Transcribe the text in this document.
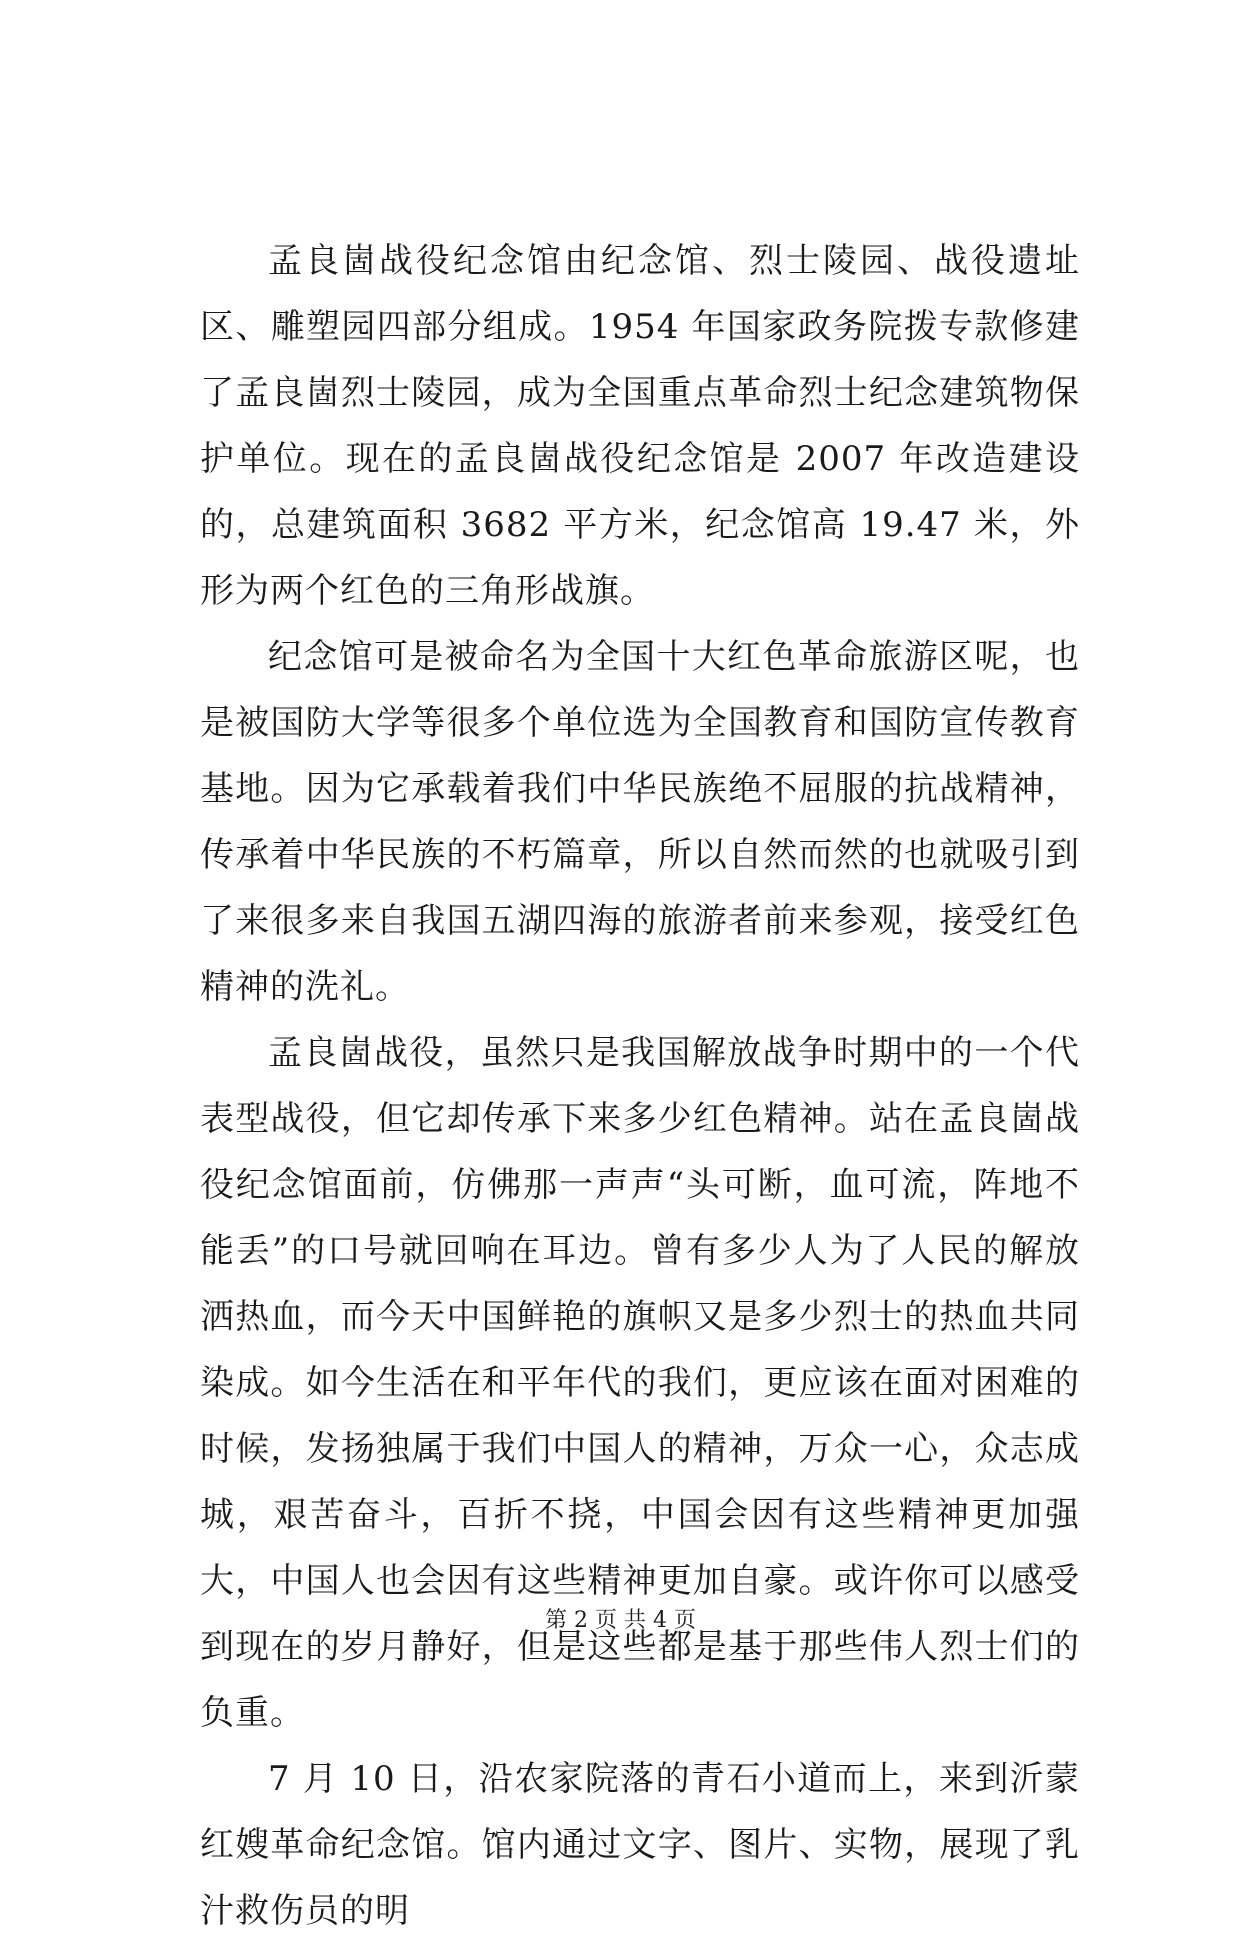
孟良崮战役纪念馆由纪念馆、烈士陵园、战役遗址区、雕塑园四部分组成。1954 年国家政务院拨专款修建了孟良崮烈士陵园，成为全国重点革命烈士纪念建筑物保护单位。现在的孟良崮战役纪念馆是 2007 年改造建设的，总建筑面积 3682 平方米，纪念馆高 19.47 米，外形为两个红色的三角形战旗。

纪念馆可是被命名为全国十大红色革命旅游区呢，也是被国防大学等很多个单位选为全国教育和国防宣传教育基地。因为它承载着我们中华民族绝不屈服的抗战精神，传承着中华民族的不朽篇章，所以自然而然的也就吸引到了来很多来自我国五湖四海的旅游者前来参观，接受红色精神的洗礼。

孟良崮战役，虽然只是我国解放战争时期中的一个代表型战役，但它却传承下来多少红色精神。站在孟良崮战役纪念馆面前，仿佛那一声声“头可断，血可流，阵地不能丢”的口号就回响在耳边。曾有多少人为了人民的解放洒热血，而今天中国鲜艳的旗帜又是多少烈士的热血共同染成。如今生活在和平年代的我们，更应该在面对困难的时候，发扬独属于我们中国人的精神，万众一心，众志成城，艰苦奋斗，百折不挠，中国会因有这些精神更加强大，中国人也会因有这些精神更加自豪。或许你可以感受到现在的岁月静好，但是这些都是基于那些伟人烈士们的负重。

7 月 10 日，沿农家院落的青石小道而上，来到沂蒙红嫂革命纪念馆。馆内通过文字、图片、实物，展现了乳汁救伤员的明

第 2 页 共 4 页
